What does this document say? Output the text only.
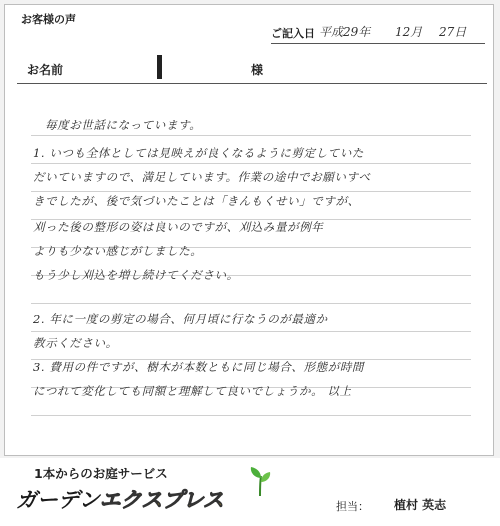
お客様の声
ご記入日 平成29年 12月 27日
お名前	様
毎度お世話になっています。
1. いつも全体としては見映えが良くなるように剪定していた
だいていますので、満足しています。作業の途中でお願いすべ
きでしたが、後で気づいたことは「きんもくせい」ですが、
刈った後の整形の姿は良いのですが、刈込み量が例年
よりも少ない感じがしました。
もう少し刈込を増し続けてください。
2. 年に一度の剪定の場合、何月頃に行なうのが最適か
教示ください。
3. 費用の件ですが、樹木が本数ともに同じ場合、形態が時間
につれて変化しても同額と理解して良いでしょうか。 以上
1本からのお庭サービス
ガーデンエクスプレス	担当： 植村 英志
